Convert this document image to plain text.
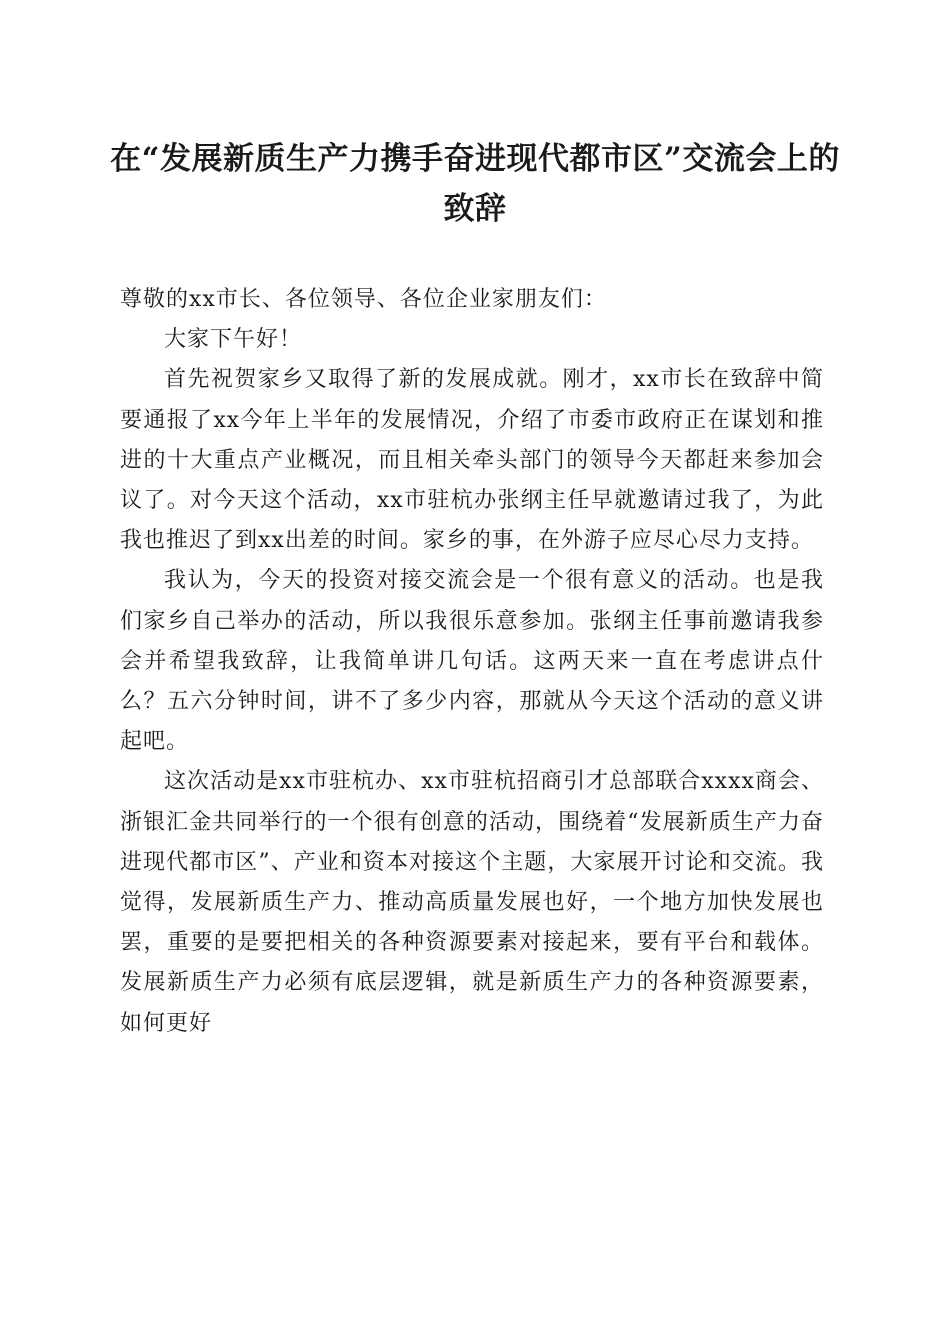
在“发展新质生产力携手奋进现代都市区”交流会上的致辞

尊敬的xx市长、各位领导、各位企业家朋友们：

大家下午好！

首先祝贺家乡又取得了新的发展成就。刚才，xx市长在致辞中简要通报了xx今年上半年的发展情况，介绍了市委市政府正在谋划和推进的十大重点产业概况，而且相关牵头部门的领导今天都赶来参加会议了。对今天这个活动，xx市驻杭办张纲主任早就邀请过我了，为此我也推迟了到xx出差的时间。家乡的事，在外游子应尽心尽力支持。

我认为，今天的投资对接交流会是一个很有意义的活动。也是我们家乡自己举办的活动，所以我很乐意参加。张纲主任事前邀请我参会并希望我致辞，让我简单讲几句话。这两天来一直在考虑讲点什么？五六分钟时间，讲不了多少内容，那就从今天这个活动的意义讲起吧。

这次活动是xx市驻杭办、xx市驻杭招商引才总部联合xxxx商会、浙银汇金共同举行的一个很有创意的活动，围绕着“发展新质生产力奋进现代都市区”、产业和资本对接这个主题，大家展开讨论和交流。我觉得，发展新质生产力、推动高质量发展也好，一个地方加快发展也罢，重要的是要把相关的各种资源要素对接起来，要有平台和载体。发展新质生产力必须有底层逻辑，就是新质生产力的各种资源要素，如何更好
